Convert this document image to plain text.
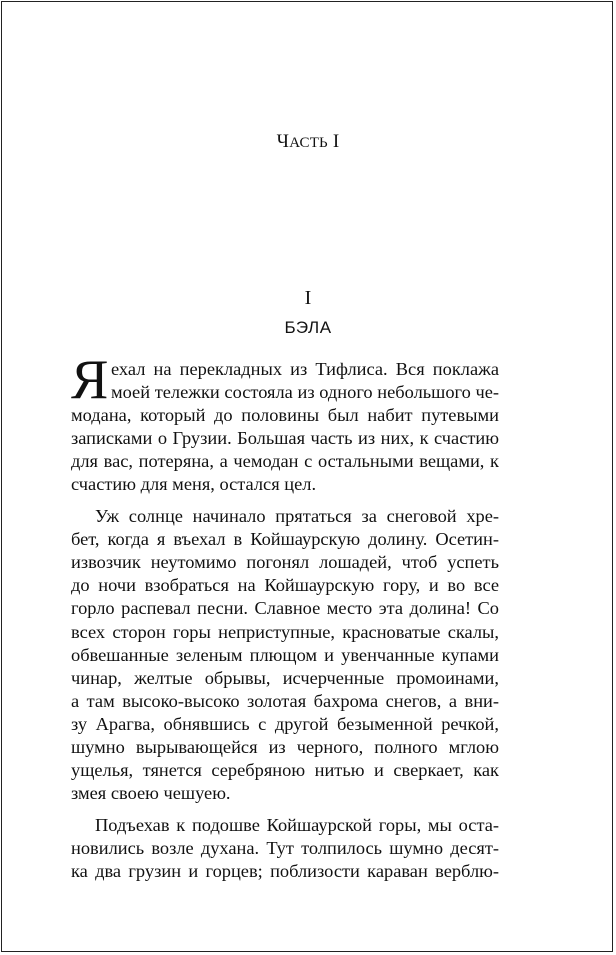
ЧАСТЬ I
I
БЭЛА
Я ехал на перекладных из Тифлиса. Вся поклажа
моей тележки состояла из одного небольшого че-
модана, который до половины был набит путевыми
записками о Грузии. Большая часть из них, к счастию
для вас, потеряна, а чемодан с остальными вещами, к
счастию для меня, остался цел.
Уж солнце начинало прятаться за снеговой хре-
бет, когда я въехал в Койшаурскую долину. Осетин-
извозчик неутомимо погонял лошадей, чтоб успеть
до ночи взобраться на Койшаурскую гору, и во все
горло распевал песни. Славное место эта долина! Со
всех сторон горы неприступные, красноватые скалы,
обвешанные зеленым плющом и увенчанные купами
чинар, желтые обрывы, исчерченные промоинами,
а там высоко-высоко золотая бахрома снегов, а вни-
зу Арагва, обнявшись с другой безыменной речкой,
шумно вырывающейся из черного, полного мглою
ущелья, тянется серебряною нитью и сверкает, как
змея своею чешуею.
Подъехав к подошве Койшаурской горы, мы оста-
новились возле духана. Тут толпилось шумно десят-
ка два грузин и горцев; поблизости караван верблю-
